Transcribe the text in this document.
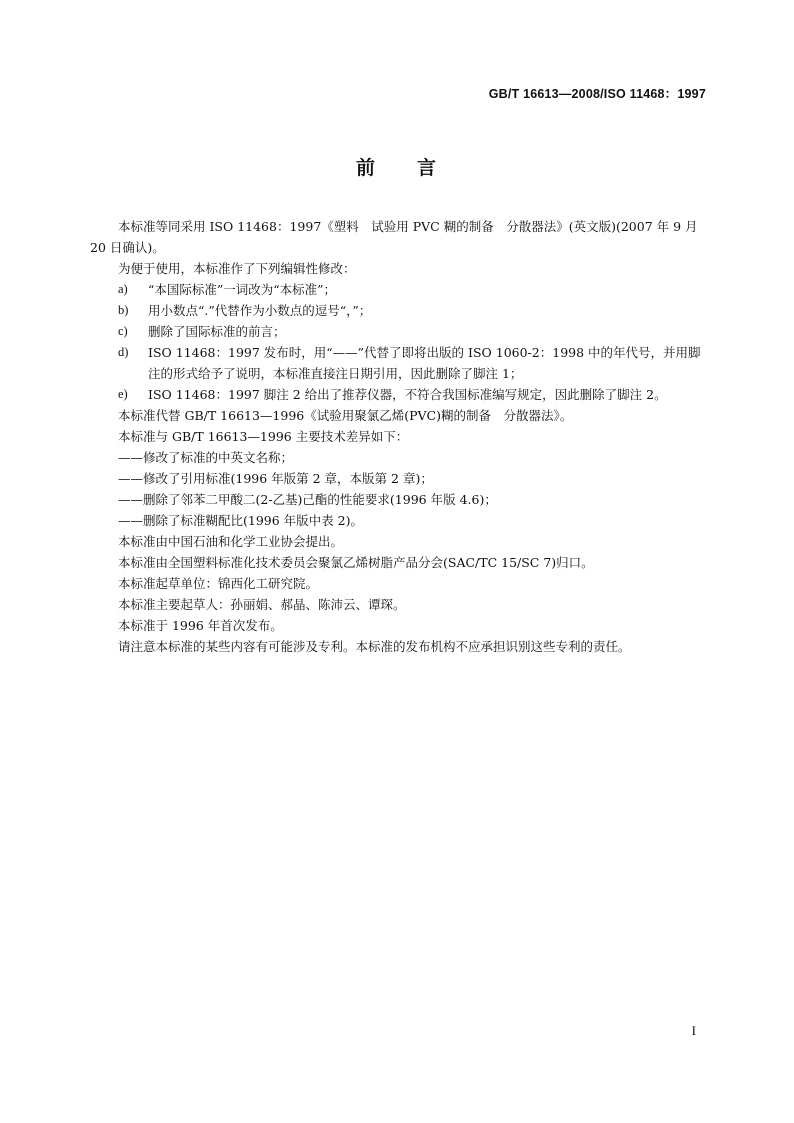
GB/T 16613—2008/ISO 11468：1997
前 言

本标准等同采用 ISO 11468：1997《塑料　试验用 PVC 糊的制备　分散器法》(英文版)(2007 年 9 月 20 日确认)。

为便于使用，本标准作了下列编辑性修改：

a)	“本国际标准”一词改为“本标准”；
b)	用小数点“.”代替作为小数点的逗号“，”；
c)	删除了国际标准的前言；
d)	ISO 11468：1997 发布时，用“——”代替了即将出版的 ISO 1060-2：1998 中的年代号，并用脚注的形式给予了说明，本标准直接注日期引用，因此删除了脚注 1；
e)	ISO 11468：1997 脚注 2 给出了推荐仪器，不符合我国标准编写规定，因此删除了脚注 2。

本标准代替 GB/T 16613—1996《试验用聚氯乙烯(PVC)糊的制备　分散器法》。

本标准与 GB/T 16613—1996 主要技术差异如下：

——修改了标准的中英文名称；

——修改了引用标准(1996 年版第 2 章，本版第 2 章)；

——删除了邻苯二甲酸二(2-乙基)己酯的性能要求(1996 年版 4.6)；

——删除了标准糊配比(1996 年版中表 2)。

本标准由中国石油和化学工业协会提出。

本标准由全国塑料标准化技术委员会聚氯乙烯树脂产品分会(SAC/TC 15/SC 7)归口。

本标准起草单位：锦西化工研究院。

本标准主要起草人：孙丽娟、郝晶、陈沛云、谭琛。

本标准于 1996 年首次发布。

请注意本标准的某些内容有可能涉及专利。本标准的发布机构不应承担识别这些专利的责任。

I
